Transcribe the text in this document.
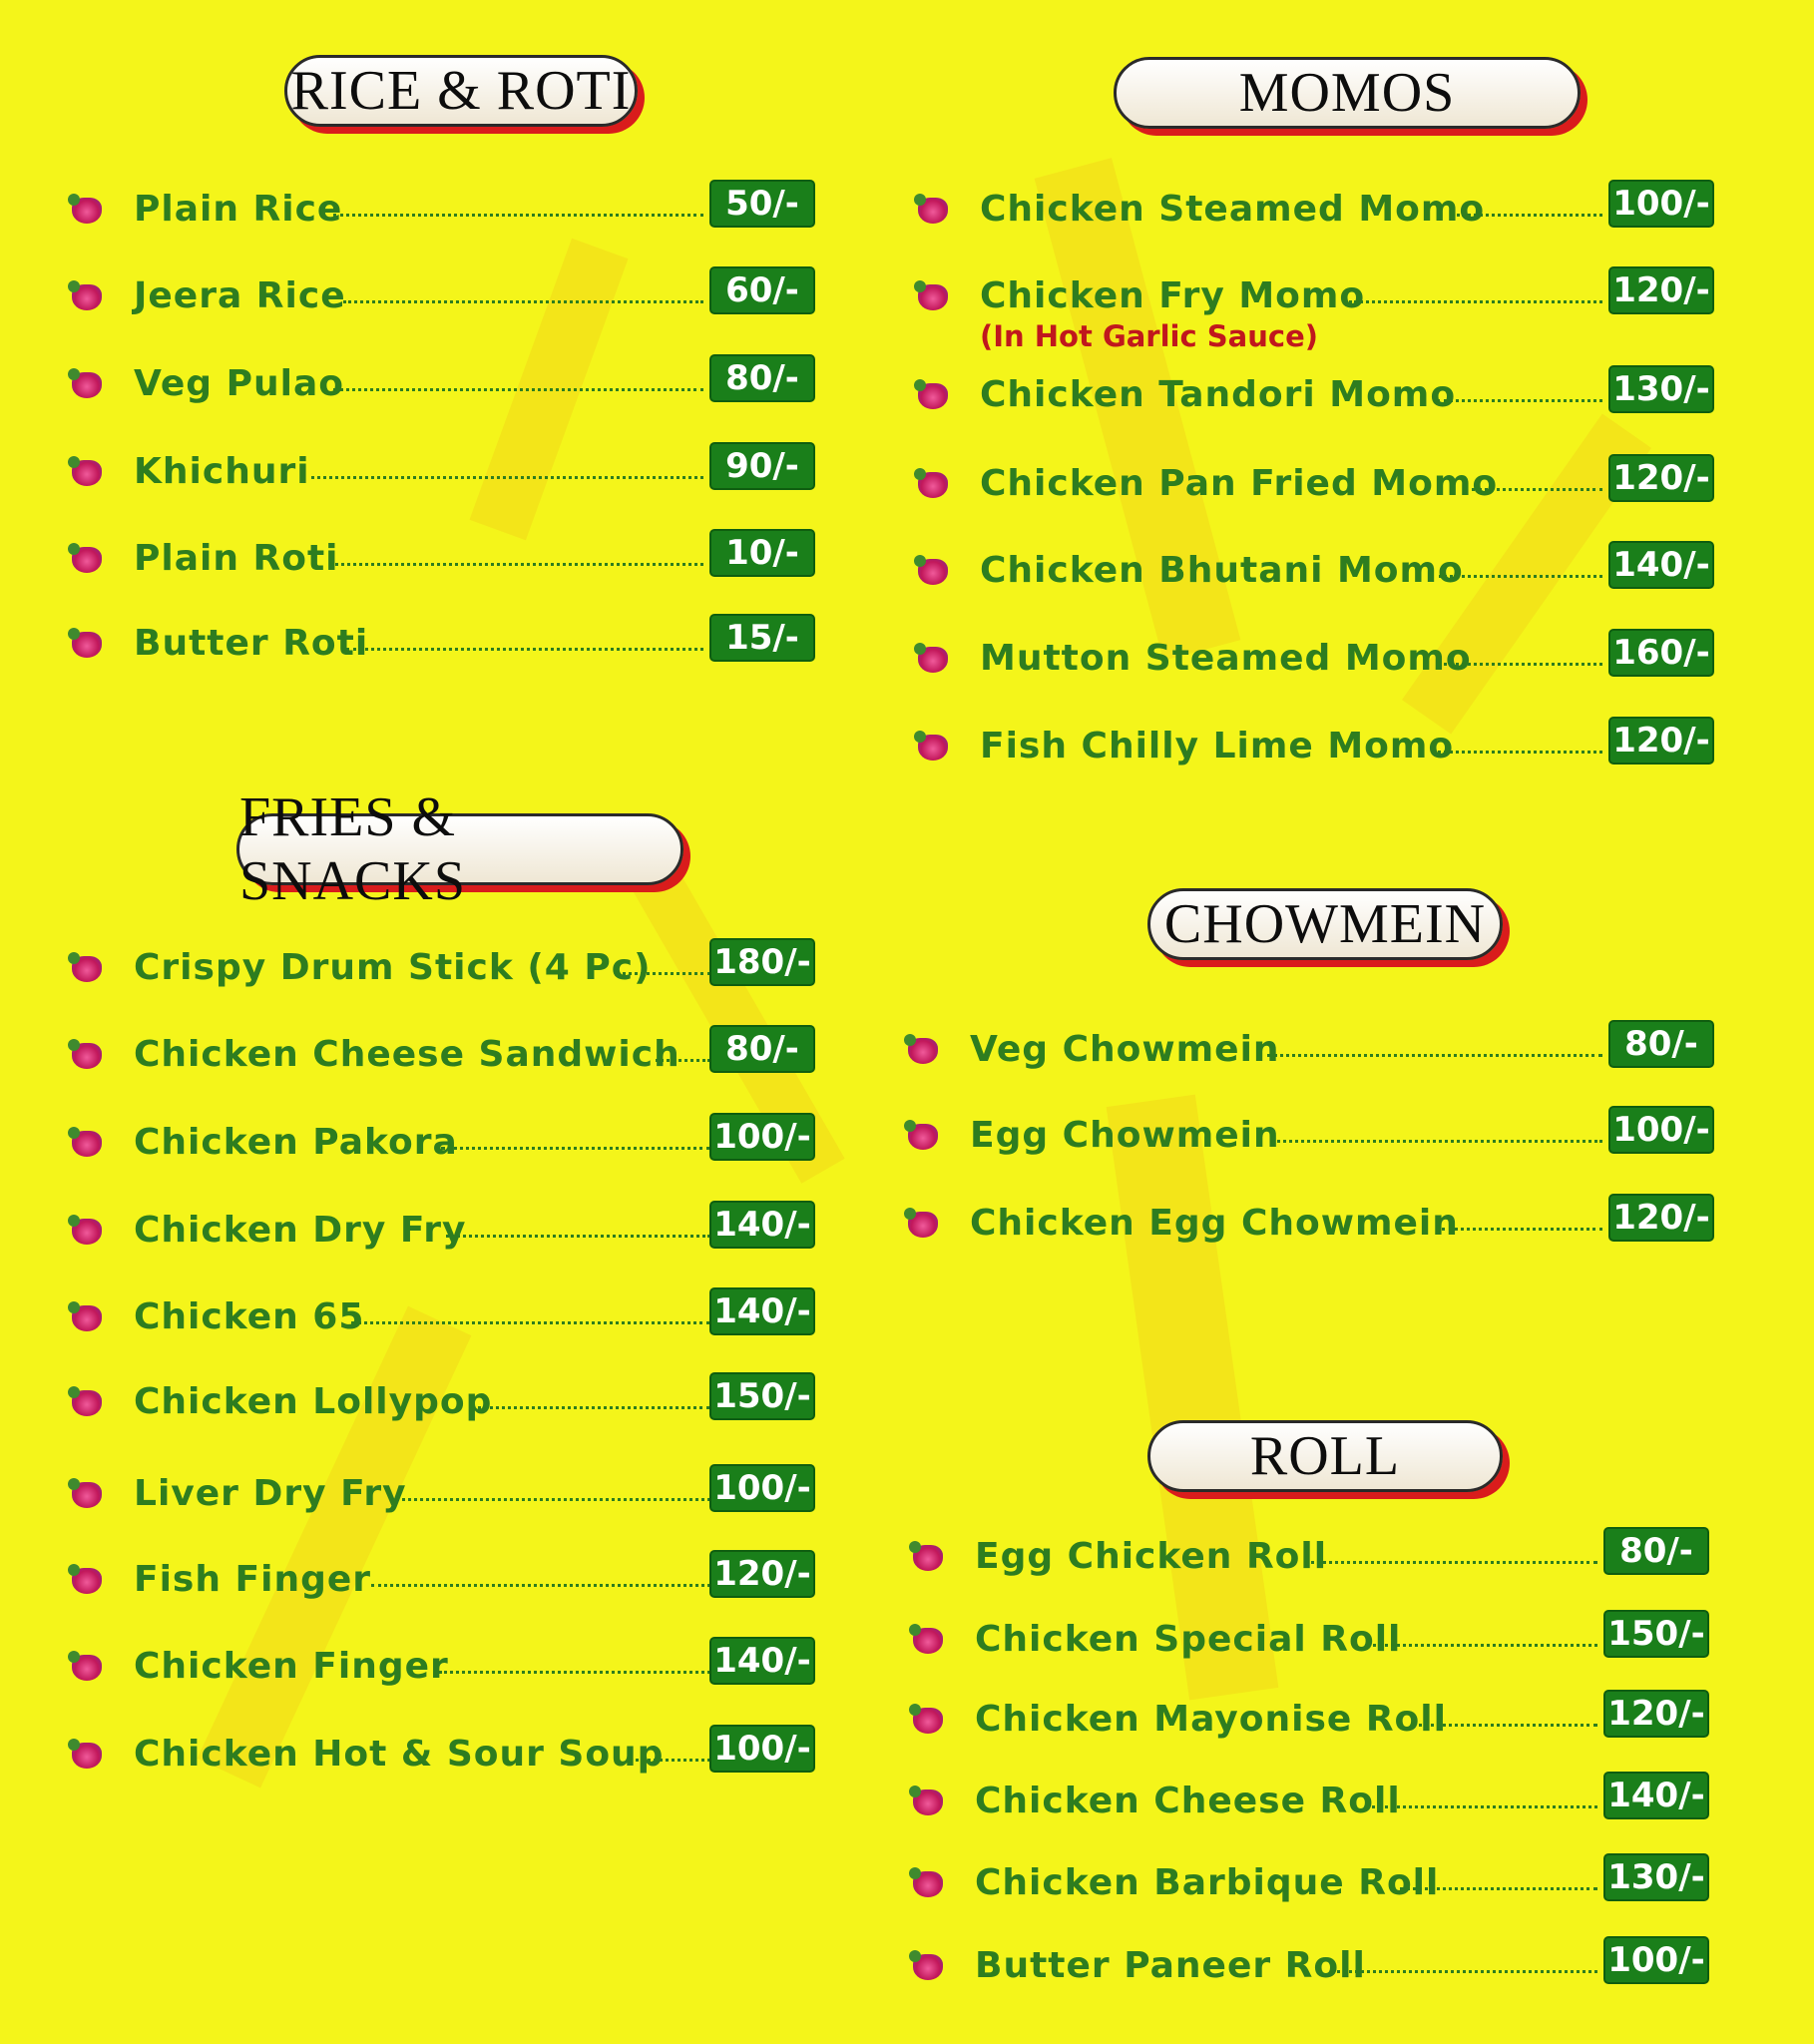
RICE & ROTI	MOMOS
FRIES & SNACKS
CHOWMEIN
ROLL
Plain Rice	50/-
Jeera Rice	60/-
Veg Pulao	80/-
Khichuri	90/-
Plain Roti	10/-
Butter Roti	15/-
Crispy Drum Stick (4 Pc) 180/-
Chicken Cheese Sandwich	80/-
Chicken Pakora	100/-
Chicken Dry Fry	140/-
Chicken 65	140/-
Chicken Lollypop	150/-
Liver Dry Fry	100/-
Fish Finger	120/-
Chicken Finger	140/-
Chicken Hot & Sour Soup 100/-
Chicken Steamed Momo	100/-
Chicken Fry Momo	120/-
(In Hot Garlic Sauce)
Chicken Tandori Momo	130/-
Chicken Pan Fried Momo	120/-
Chicken Bhutani Momo	140/-
Mutton Steamed Momo	160/-
Fish Chilly Lime Momo	120/-
Veg Chowmein	80/-
Egg Chowmein	100/-
Chicken Egg Chowmein	120/-
Egg Chicken Roll	80/-
Chicken Special Roll	150/-
Chicken Mayonise Roll	120/-
Chicken Cheese Roll	140/-
Chicken Barbique Roll	130/-
Butter Paneer Roll	100/-
